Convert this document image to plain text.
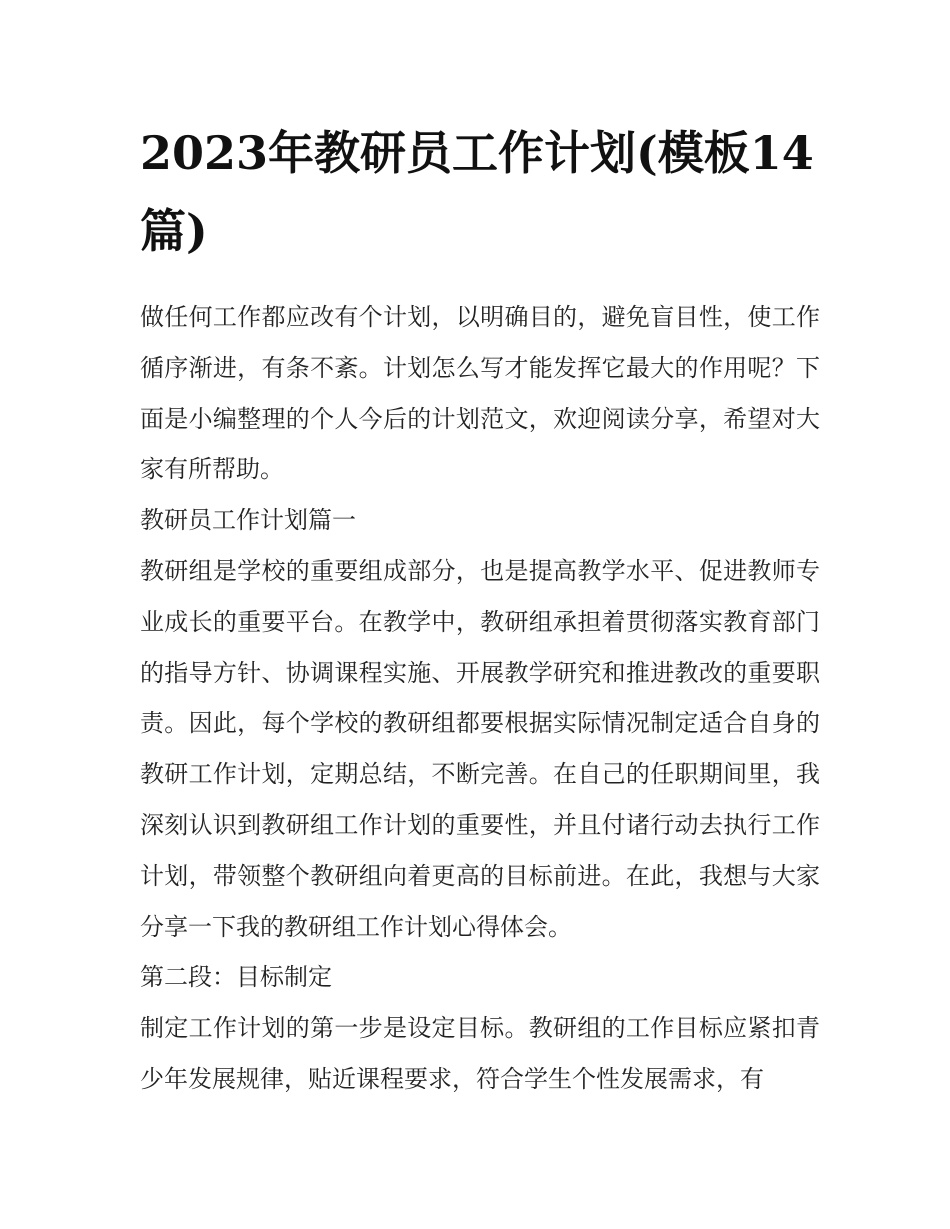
2023年教研员工作计划(模板14篇)

做任何工作都应改有个计划，以明确目的，避免盲目性，使工作循序渐进，有条不紊。计划怎么写才能发挥它最大的作用呢？下面是小编整理的个人今后的计划范文，欢迎阅读分享，希望对大家有所帮助。

教研员工作计划篇一

教研组是学校的重要组成部分，也是提高教学水平、促进教师专业成长的重要平台。在教学中，教研组承担着贯彻落实教育部门的指导方针、协调课程实施、开展教学研究和推进教改的重要职责。因此，每个学校的教研组都要根据实际情况制定适合自身的教研工作计划，定期总结，不断完善。在自己的任职期间里，我深刻认识到教研组工作计划的重要性，并且付诸行动去执行工作计划，带领整个教研组向着更高的目标前进。在此，我想与大家分享一下我的教研组工作计划心得体会。

第二段：目标制定

制定工作计划的第一步是设定目标。教研组的工作目标应紧扣青少年发展规律，贴近课程要求，符合学生个性发展需求，有
